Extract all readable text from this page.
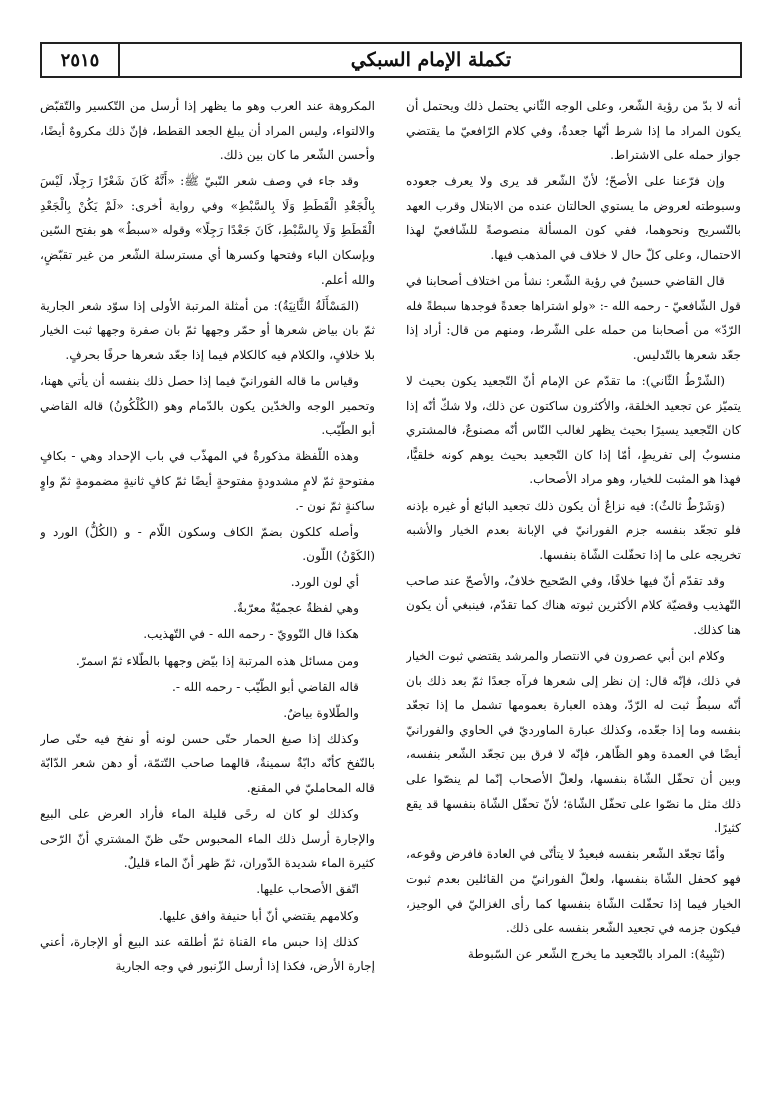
تكملة الإمام السبكي
٢٥١٥

أنه لا بدّ من رؤية الشّعر، وعلى الوجه الثّاني يحتمل ذلك ويحتمل أن يكون المراد ما إذا شرط أنّها جعدةٌ، وفي كلام الرّافعيّ ما يقتضي جواز حمله على الاشتراط.

وإن فرّعنا على الأصحّ؛ لأنّ الشّعر قد يرى ولا يعرف جعوده وسبوطته لعروض ما يستوي الحالتان عنده من الابتلال وقرب العهد بالتّسريح ونحوهما، ففي كون المسألة منصوصةً للشّافعيّ لهذا الاحتمال، وعلى كلّ حال لا خلاف في المذهب فيها.

قال القاضي حسينٌ في رؤية الشّعر: نشأ من اختلاف أصحابنا في قول الشّافعيّ - رحمه الله -: «ولو اشتراها جعدةً فوجدها سبطةً فله الرّدّ» من أصحابنا من حمله على الشّرط، ومنهم من قال: أراد إذا جعّد شعرها بالتّدليس.

(الشّرْطُ الثّاني): ما تقدّم عن الإمام أنّ التّجعيد يكون بحيث لا يتميّز عن تجعيد الخلقة، والأكثرون ساكتون عن ذلك، ولا شكّ أنّه إذا كان التّجعيد يسيرًا بحيث يظهر لغالب النّاس أنّه مصنوعٌ، فالمشتري منسوبٌ إلى تفريطٍ، أمّا إذا كان التّجعيد بحيث يوهم كونه خلقيًّا، فهذا هو المثبت للخيار، وهو مراد الأصحاب.

(وَشَرْطٌ ثالثٌ): فيه نزاعٌ أن يكون ذلك تجعيد البائع أو غيره بإذنه فلو تجعّد بنفسه جزم الفورانيّ في الإبانة بعدم الخيار والأشبه تخريجه على ما إذا تحفّلت الشّاة بنفسها.

وقد تقدّم أنّ فيها خلافًا، وفي الصّحيح خلافٌ، والأصحّ عند صاحب التّهذيب وقضيّة كلام الأكثرين ثبوته هناك كما تقدّم، فينبغي أن يكون هنا كذلك.

وكلام ابن أبي عصرون في الانتصار والمرشد يقتضي ثبوت الخيار في ذلك، فإنّه قال: إن نظر إلى شعرها فرآه جعدًا ثمّ بعد ذلك بان أنّه سبطٌ ثبت له الرّدّ، وهذه العبارة بعمومها تشمل ما إذا تجعّد بنفسه وما إذا جعّده، وكذلك عبارة الماورديّ في الحاوي والفورانيّ أيضًا في العمدة وهو الظّاهر، فإنّه لا فرق بين تجعّد الشّعر بنفسه، وبين أن تحفّل الشّاة بنفسها، ولعلّ الأصحاب إنّما لم ينصّوا على ذلك مثل ما نصّوا على تحفّل الشّاة؛ لأنّ تحفّل الشّاة بنفسها قد يقع كثيرًا.

وأمّا تجعّد الشّعر بنفسه فبعيدٌ لا يتأتّى في العادة فافرض وقوعه، فهو كحفل الشّاة بنفسها، ولعلّ الفورانيّ من القائلين بعدم ثبوت الخيار فيما إذا تحفّلت الشّاة بنفسها كما رأى الغزاليّ في الوجيز، فيكون جزمه في تجعيد الشّعر بنفسه على ذلك.

(تَنْبِيهٌ): المراد بالتّجعيد ما يخرج الشّعر عن السّبوطة

المكروهة عند العرب وهو ما يظهر إذا أرسل من التّكسير والتّقبّض والالتواء، وليس المراد أن يبلغ الجعد القطط، فإنّ ذلك مكروهٌ أيضًا، وأحسن الشّعر ما كان بين ذلك.

وقد جاء في وصف شعر النّبيّ ﷺ: «أَنَّهُ كَانَ شَعْرًا رَجِلًا، لَيْسَ بِالْجَعْدِ الْقَطَطِ وَلَا بِالسَّبْطِ» وفي رواية أخرى: «لَمْ يَكُنْ بِالْجَعْدِ الْقَطَطِ وَلَا بِالسَّبْطِ، كَانَ جَعْدًا رَجِلًا» وقوله «سبطٌ» هو بفتح السّين وبإسكان الباء وفتحها وكسرها أي مسترسلة الشّعر من غير تقبّضٍ، والله أعلم.

(المَسْأَلَةُ الثَّانِيَةُ): من أمثلة المرتبة الأولى إذا سوّد شعر الجارية ثمّ بان بياض شعرها أو حمّر وجهها ثمّ بان صفرة وجهها ثبت الخيار بلا خلافٍ، والكلام فيه كالكلام فيما إذا جعّد شعرها حرفًا بحرفٍ.

وقياس ما قاله الفورانيّ فيما إذا حصل ذلك بنفسه أن يأتي ههنا، وتحمير الوجه والخدّين يكون بالدّمام وهو (الكُلْكُونُ) قاله القاضي أبو الطّيّب.

وهذه اللّفظة مذكورةٌ في المهذّب في باب الإحداد وهي - بكافٍ مفتوحةٍ ثمّ لامٍ مشدودةٍ مفتوحةٍ أيضًا ثمّ كافٍ ثانيةٍ مضمومةٍ ثمّ واوٍ ساكنةٍ ثمّ نون -.

وأصله كلكون بضمّ الكاف وسكون اللّام - و (الكُلُّ) الورد و (الكَوْنُ) اللّون.

أي لون الورد.

وهي لفظةٌ عجميّةٌ معرّبةٌ.

هكذا قال النّوويّ - رحمه الله - في التّهذيب.

ومن مسائل هذه المرتبة إذا بيّض وجهها بالطّلاء ثمّ اسمرّ.

قاله القاضي أبو الطّيّب - رحمه الله -.

والطّلاوة بياضٌ.

وكذلك إذا صبغ الحمار حتّى حسن لونه أو نفخ فيه حتّى صار بالنّفخ كأنّه دابّةٌ سمينةٌ، قالهما صاحب التّتمّة، أو دهن شعر الدّابّة قاله المحامليّ في المقنع.

وكذلك لو كان له رحًى قليلة الماء فأراد العرض على البيع والإجارة أرسل ذلك الماء المحبوس حتّى ظنّ المشتري أنّ الرّحى كثيرة الماء شديدة الدّوران، ثمّ ظهر أنّ الماء قليلٌ.

اتّفق الأصحاب عليها.

وكلامهم يقتضي أنّ أبا حنيفة وافق عليها.

كذلك إذا حبس ماء القناة ثمّ أطلقه عند البيع أو الإجارة، أعني إجارة الأرض، فكذا إذا أرسل الزّنبور في وجه الجارية
